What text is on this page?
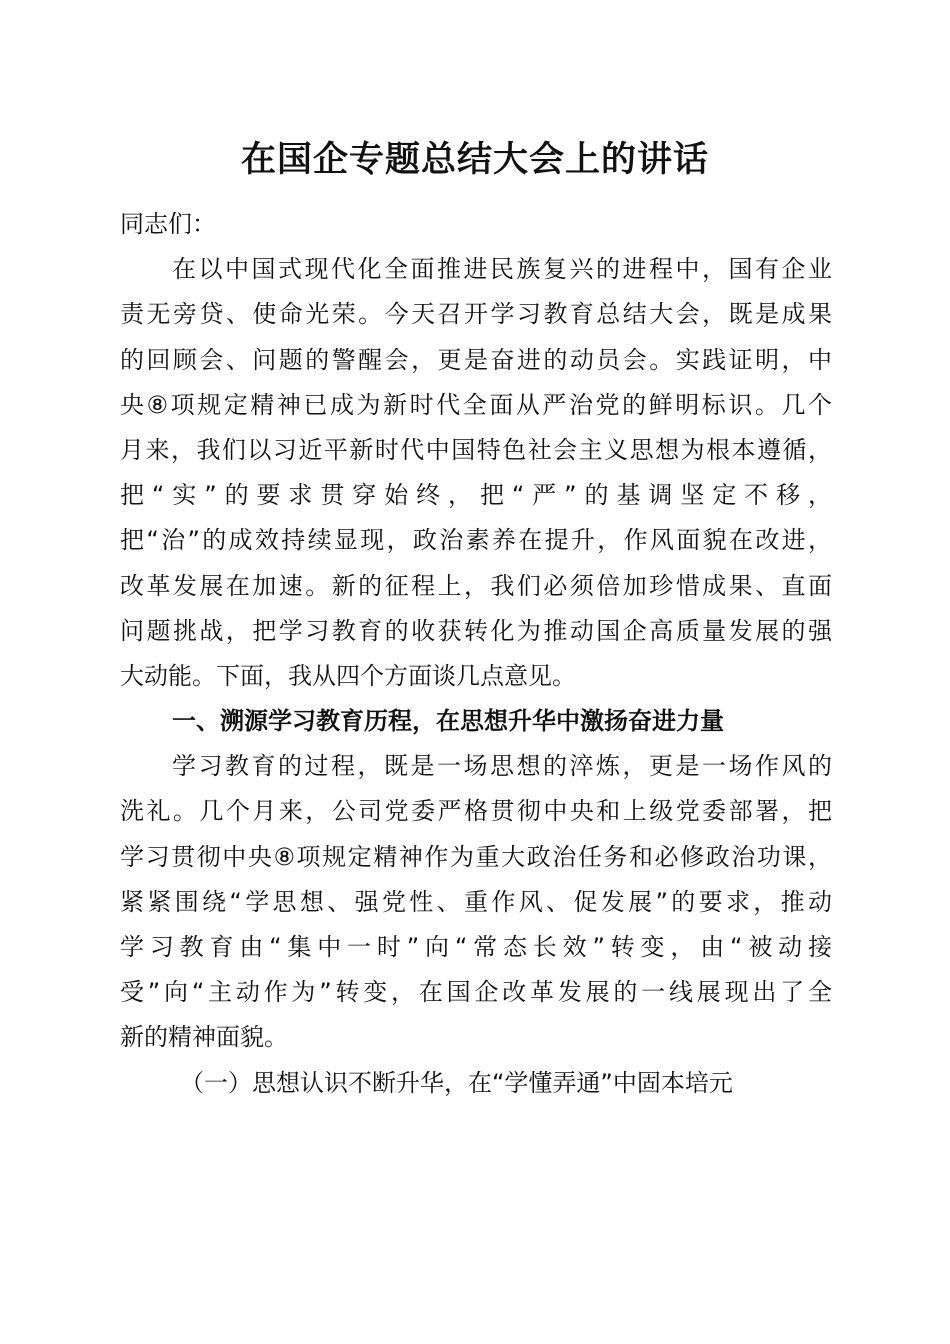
在国企专题总结大会上的讲话
同志们：
在以中国式现代化全面推进民族复兴的进程中，国有企业
责无旁贷、使命光荣。今天召开学习教育总结大会，既是成果
的回顾会、问题的警醒会，更是奋进的动员会。实践证明，中
央⑧项规定精神已成为新时代全面从严治党的鲜明标识。几个
月来，我们以习近平新时代中国特色社会主义思想为根本遵循，
把“实”的要求贯穿始终，把“严”的基调坚定不移，
把“治”的成效持续显现，政治素养在提升，作风面貌在改进，
改革发展在加速。新的征程上，我们必须倍加珍惜成果、直面
问题挑战，把学习教育的收获转化为推动国企高质量发展的强
大动能。下面，我从四个方面谈几点意见。
一、溯源学习教育历程，在思想升华中激扬奋进力量
学习教育的过程，既是一场思想的淬炼，更是一场作风的
洗礼。几个月来，公司党委严格贯彻中央和上级党委部署，把
学习贯彻中央⑧项规定精神作为重大政治任务和必修政治功课，
紧紧围绕“学思想、强党性、重作风、促发展”的要求，推动
学习教育由“集中一时”向“常态长效”转变，由“被动接
受”向“主动作为”转变，在国企改革发展的一线展现出了全
新的精神面貌。
（一）思想认识不断升华，在“学懂弄通”中固本培元
